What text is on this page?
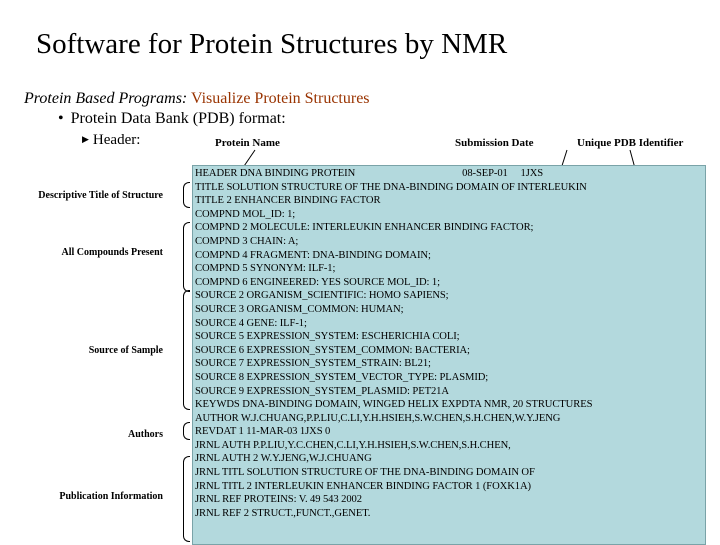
Software for Protein Structures by NMR
Protein Based Programs: Visualize Protein Structures
• Protein Data Bank (PDB) format:
▶ Header:	Protein Name	Submission Date	Unique PDB Identifier
Descriptive Title of Structure
All Compounds Present
Source of Sample
Authors
Publication Information
HEADER DNA BINDING PROTEIN                                          08-SEP-01     1JXS
TITLE SOLUTION STRUCTURE OF THE DNA-BINDING DOMAIN OF INTERLEUKIN
TITLE 2 ENHANCER BINDING FACTOR
COMPND MOL_ID: 1;
COMPND 2 MOLECULE: INTERLEUKIN ENHANCER BINDING FACTOR;
COMPND 3 CHAIN: A;
COMPND 4 FRAGMENT: DNA-BINDING DOMAIN;
COMPND 5 SYNONYM: ILF-1;
COMPND 6 ENGINEERED: YES SOURCE MOL_ID: 1;
SOURCE 2 ORGANISM_SCIENTIFIC: HOMO SAPIENS;
SOURCE 3 ORGANISM_COMMON: HUMAN;
SOURCE 4 GENE: ILF-1;
SOURCE 5 EXPRESSION_SYSTEM: ESCHERICHIA COLI;
SOURCE 6 EXPRESSION_SYSTEM_COMMON: BACTERIA;
SOURCE 7 EXPRESSION_SYSTEM_STRAIN: BL21;
SOURCE 8 EXPRESSION_SYSTEM_VECTOR_TYPE: PLASMID;
SOURCE 9 EXPRESSION_SYSTEM_PLASMID: PET21A
KEYWDS DNA-BINDING DOMAIN, WINGED HELIX EXPDTA NMR, 20 STRUCTURES
AUTHOR W.J.CHUANG,P.P.LIU,C.LI,Y.H.HSIEH,S.W.CHEN,S.H.CHEN,W.Y.JENG
REVDAT 1 11-MAR-03 1JXS 0
JRNL AUTH P.P.LIU,Y.C.CHEN,C.LI,Y.H.HSIEH,S.W.CHEN,S.H.CHEN,
JRNL AUTH 2 W.Y.JENG,W.J.CHUANG
JRNL TITL SOLUTION STRUCTURE OF THE DNA-BINDING DOMAIN OF
JRNL TITL 2 INTERLEUKIN ENHANCER BINDING FACTOR 1 (FOXK1A)
JRNL REF PROTEINS: V. 49 543 2002
JRNL REF 2 STRUCT.,FUNCT.,GENET.
